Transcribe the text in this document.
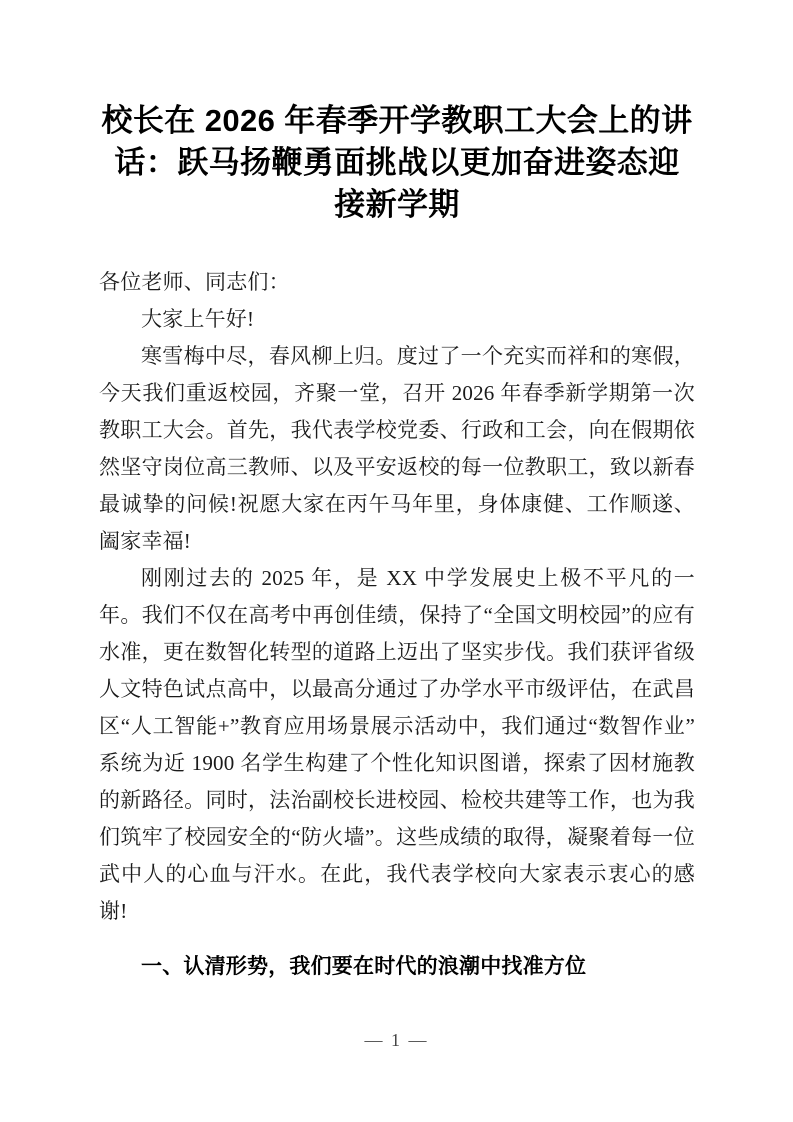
校长在 2026 年春季开学教职工大会上的讲话：跃马扬鞭勇面挑战以更加奋进姿态迎接新学期

各位老师、同志们：

大家上午好!

寒雪梅中尽，春风柳上归。度过了一个充实而祥和的寒假，今天我们重返校园，齐聚一堂，召开 2026 年春季新学期第一次教职工大会。首先，我代表学校党委、行政和工会，向在假期依然坚守岗位高三教师、以及平安返校的每一位教职工，致以新春最诚挚的问候!祝愿大家在丙午马年里，身体康健、工作顺遂、阖家幸福!

刚刚过去的 2025 年，是 XX 中学发展史上极不平凡的一年。我们不仅在高考中再创佳绩，保持了“全国文明校园”的应有水准，更在数智化转型的道路上迈出了坚实步伐。我们获评省级人文特色试点高中，以最高分通过了办学水平市级评估，在武昌区“人工智能+”教育应用场景展示活动中，我们通过“数智作业”系统为近 1900 名学生构建了个性化知识图谱，探索了因材施教的新路径。同时，法治副校长进校园、检校共建等工作，也为我们筑牢了校园安全的“防火墙”。这些成绩的取得，凝聚着每一位武中人的心血与汗水。在此，我代表学校向大家表示衷心的感谢!

一、认清形势，我们要在时代的浪潮中找准方位

— 1 —
